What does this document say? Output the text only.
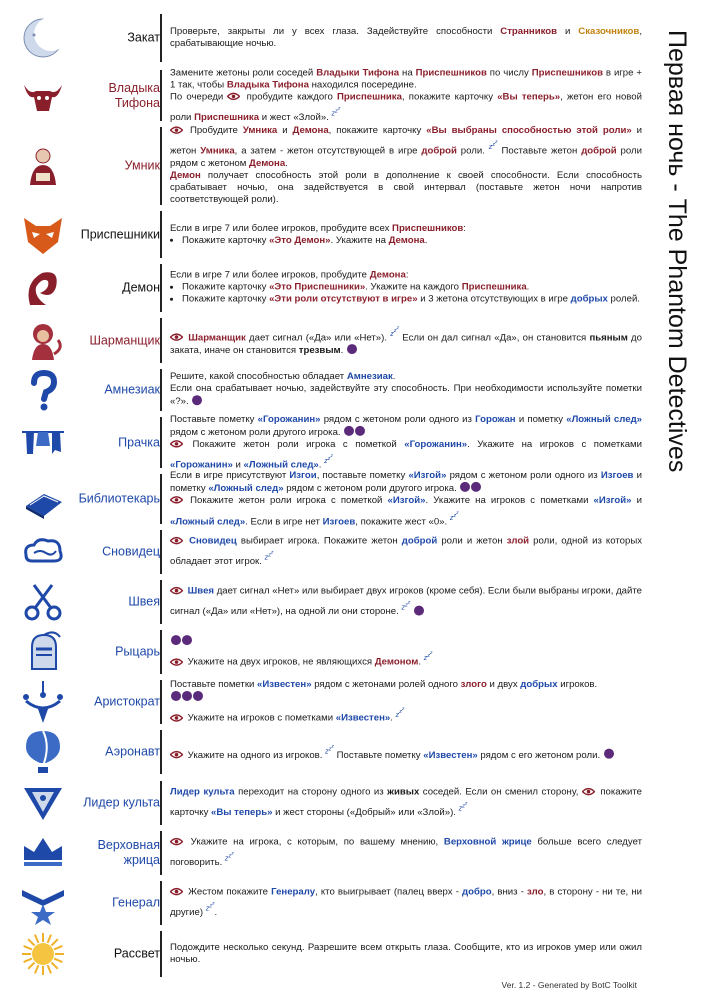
Закат Проверьте, закрыты ли у всех глаза. Задействуйте способности Странников и Сказочников, срабатывающие ночью.

Владыка Тифона

Замените жетоны роли соседей Владыки Тифона на Приспешников по числу Приспешников в игре + 1 так, чтобы Владыка Тифона находился посередине.

По очереди  пробудите каждого Приспешника, покажите карточку «Вы теперь», жетон его новой роли Приспешника и жест «Злой». $^{z^{z^z}}$

Умник

Пробудите Умника и Демона, покажите карточку «Вы выбраны способностью этой роли» и жетон Умника, а затем - жетон отсутствующей в игре доброй роли. $^{z^{z^z}}$ Поставьте жетон доброй роли рядом с жетоном Демона.

Демон получает способность этой роли в дополнение к своей способности. Если способность срабатывает ночью, она задействуется в свой интервал (поставьте жетон ночи напротив соответствующей роли).

Приспешники Если в игре 7 или более игроков, пробудите всех Приспешников:

• Покажите карточку «Это Демон». Укажите на Демона.
Демон

Если в игре 7 или более игроков, пробудите Демона:

• Покажите карточку «Это Приспешники». Укажите на каждого Приспешника.
• Покажите карточку «Эти роли отсутствуют в игре» и 3 жетона отсутствующих в игре добрых ролей.
Шарманщик	Шарманщик дает сигнал («Да» или «Нет»). $^{z^{z^z}}$ Если он дал сигнал «Да», он становится пьяным до заката, иначе он становится трезвым.

Амнезиак

Решите, какой способностью обладает Амнезиак.

Если она срабатывает ночью, задействуйте эту способность. При необходимости используйте пометки «?».

Прачка

Поставьте пометку «Горожанин» рядом с жетоном роли одного из Горожан и пометку «Ложный след» рядом с жетоном роли другого игрока.

Покажите жетон роли игрока с пометкой «Горожанин». Укажите на игроков с пометками «Горожанин» и «Ложный след». $^{z^{z^z}}$

Библиотекарь

Если в игре присутствуют Изгои, поставьте пометку «Изгой» рядом с жетоном роли одного из Изгоев и пометку «Ложный след» рядом с жетоном роли другого игрока.

Покажите жетон роли игрока с пометкой «Изгой». Укажите на игроков с пометками «Изгой» и «Ложный след». Если в игре нет Изгоев, покажите жест «0». $^{z^{z^z}}$

Сновидец

Сновидец выбирает игрока. Покажите жетон доброй роли и жетон злой роли, одной из которых обладает этот игрок. $^{z^{z^z}}$

Швея

Швея дает сигнал «Нет» или выбирает двух игроков (кроме себя). Если были выбраны игроки, дайте сигнал («Да» или «Нет»), на одной ли они стороне. $^{z^{z^z}}$

Рыцарь

Укажите на двух игроков, не являющихся Демоном. $^{z^{z^z}}$

Аристократ

Поставьте пометки «Известен» рядом с жетонами ролей одного злого и двух добрых игроков.

Укажите на игроков с пометками «Известен». $^{z^{z^z}}$

Аэронавт	Укажите на одного из игроков. $^{z^{z^z}}$ Поставьте пометку «Известен» рядом с его жетоном роли.

Лидер культа

Лидер культа переходит на сторону одного из живых соседей. Если он сменил сторону,  покажите карточку «Вы теперь» и жест стороны («Добрый» или «Злой»). $^{z^{z^z}}$

Верховная жрица

Укажите на игрока, с которым, по вашему мнению, Верховной жрице больше всего следует поговорить. $^{z^{z^z}}$

Генерал

Жестом покажите Генералу, кто выигрывает (палец вверх - добро, вниз - зло, в сторону - ни те, ни другие) $^{z^{z^z}}$.

Рассвет Подождите несколько секунд. Разрешите всем открыть глаза. Сообщите, кто из игроков умер или ожил ночью.

Первая ночь - The Phantom Detectives
Ver. 1.2 - Generated by BotC Toolkit
